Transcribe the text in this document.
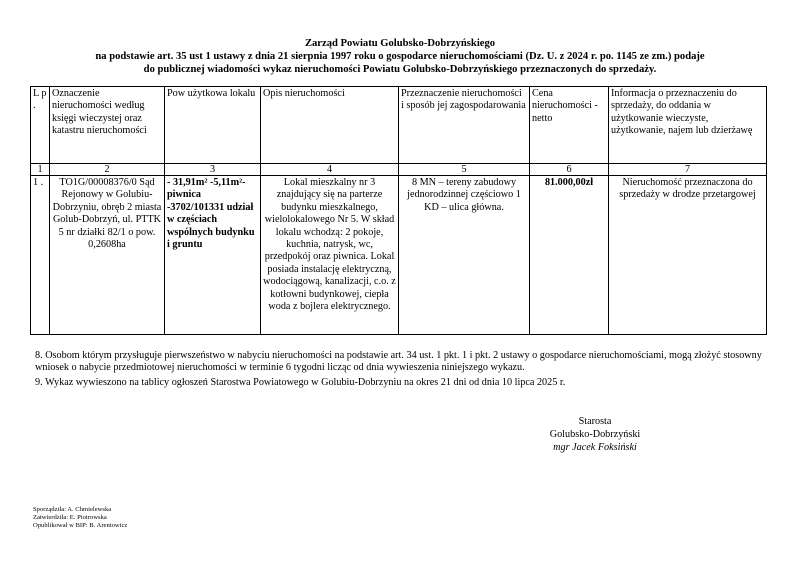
Zarząd Powiatu Golubsko-Dobrzyńskiego
na podstawie art. 35 ust 1 ustawy z dnia 21 sierpnia 1997 roku o gospodarce nieruchomościami (Dz. U. z 2024 r. po. 1145 ze zm.) podaje
do publicznej wiadomości wykaz nieruchomości Powiatu Golubsko-Dobrzyńskiego przeznaczonych do sprzedaży.
L p .	Oznaczenie nieruchomości według księgi wieczystej oraz katastru nieruchomości	Pow użytkowa lokalu	Opis nieruchomości	Przeznaczenie nieruchomości i sposób jej zagospodarowania	Cena nieruchomości - netto	Informacja o przeznaczeniu do sprzedaży, do oddania w użytkowanie wieczyste, użytkowanie, najem lub dzierżawę
1	2	3	4	5	6	7
1 .	TO1G/00008376/0 Sąd Rejonowy w Golubiu-Dobrzyniu, obręb 2 miasta Golub-Dobrzyń, ul. PTTK 5 nr działki 82/1 o pow. 0,2608ha	- 31,91m² -5,11m²-piwnica -3702/101331 udział w częściach wspólnych budynku i gruntu	Lokal mieszkalny nr 3 znajdujący się na parterze budynku mieszkalnego, wielolokalowego Nr 5. W skład lokalu wchodzą: 2 pokoje, kuchnia, natrysk, wc, przedpokój oraz piwnica. Lokal posiada instalację elektryczną, wodociągową, kanalizacji, c.o. z kotłowni budynkowej, ciepła woda z bojlera elektrycznego.	8 MN – tereny zabudowy jednorodzinnej częściowo 1 KD – ulica główna.	81.000,00zł	Nieruchomość przeznaczona do sprzedaży w drodze przetargowej
8. Osobom którym przysługuje pierwszeństwo w nabyciu nieruchomości na podstawie art. 34 ust. 1 pkt. 1 i pkt. 2 ustawy o gospodarce nieruchomościami, mogą złożyć stosowny wniosek o nabycie przedmiotowej nieruchomości w terminie 6 tygodni licząc od dnia wywieszenia niniejszego wykazu.
9. Wykaz wywieszono na tablicy ogłoszeń Starostwa Powiatowego w Golubiu-Dobrzyniu na okres 21 dni od dnia 10 lipca 2025 r.
Starosta
Golubsko-Dobrzyński
mgr Jacek Foksiński
Sporządziła: A. Chmielewska
Zatwierdziła: E. Piotrowska
Opublikował w BIP: B. Arentowicz
